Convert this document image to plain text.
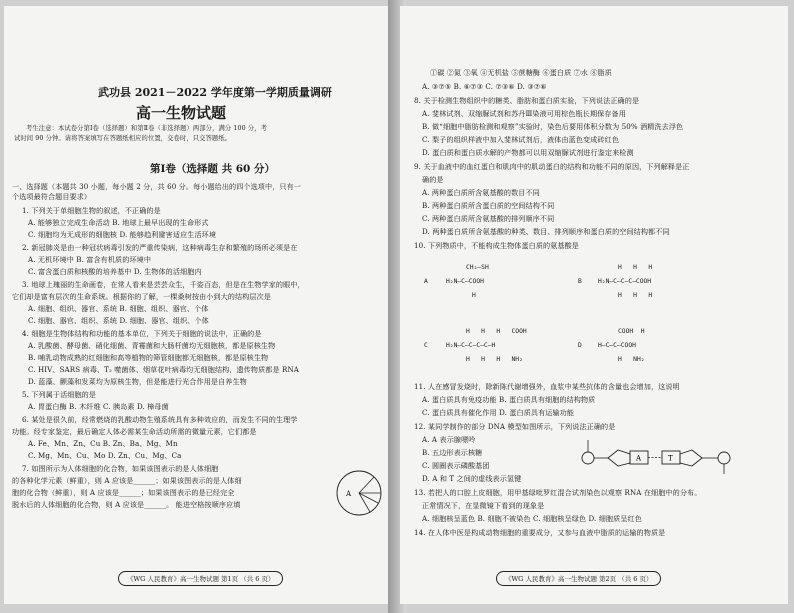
武功县 2021－2022 学年度第一学期质量调研
高一生物试题
考生注意：本试卷分第Ⅰ卷（选择题）和第Ⅱ卷（非选择题）两部分，满分 100 分，考
试时间 90 分钟。请将答案填写在答题纸相应的位置，交卷时，只交答题纸。
第Ⅰ卷（选择题 共 60 分）
一、选择题（本题共 30 小题，每小题 2 分，共 60 分。每小题给出的四个选项中，只有一
个选项最符合题目要求）
1. 下列关于单细胞生物的叙述，不正确的是
A. 能够独立完成生命活动 B. 地球上最早出现的生命形式
C. 细胞均为无成形的细胞核 D. 能够趋利避害适应生活环境
2. 新冠肺炎是由一种冠状病毒引发的严重传染病，这种病毒生存和繁殖的场所必须是在
A. 无机环境中 B. 富含有机质的环境中
C. 富含蛋白质和核酸的培养基中 D. 生物体的活细胞内
3. 地球上瑰丽的生命画卷，在常人看来是芸芸众生，千姿百态，但是在生物学家的眼中，
它们却是富有层次的生命系统。根据你的了解，一棵桑树按由小到大的结构层次是
A. 细胞、组织、器官、系统 B. 细胞、组织、器官、个体
C. 细胞、器官、组织、系统 D. 细胞、器官、组织、个体
4. 细胞是生物体结构和功能的基本单位，下列关于细胞的说法中，正确的是
A. 乳酸菌、酵母菌、硝化细菌、青霉菌和大肠杆菌均无细胞核，都是原核生物
B. 哺乳动物成熟的红细胞和高等植物的筛管细胞都无细胞核，都是原核生物
C. HIV、SARS 病毒、T₂ 噬菌体、烟草花叶病毒均无细胞结构，遗传物质都是 RNA
D. 蓝藻、颤藻和发菜均为原核生物，但是能进行光合作用是自养生物
5. 下列属于活细胞的是
A. 胃蛋白酶 B. 木纤维 C. 胰岛素 D. 樟母菌
6. 某处是很久前，经常燃烧的乳酸动物生殖系统具有多种效应的，而发生不同的生理学
功能。经专家鉴定，最后确定人体必需某生命活动所需的微量元素，它们都是
A. Fe、Mn、Zn、Cu B. Zn、Ba、Mg、Mn
C. Mg、Mn、Cu、Mo D. Zn、Cu、Mg、Ca
7. 如图所示为人体细胞的化合物，如果该图表示的是人体细胞
的各种化学元素（鲜重），则 A 应该是______；如果该图表示的是人体细
胞的化合物（鲜重），则 A 应该是______；如果该图表示的是已经完全
脱水后的人体细胞的化合物，则 A 应该是______。 能进空格按顺序应填
A
《WG 人民教育》高一生物试题 第1页 （共 6 页）
①碳 ②氮 ③氧 ④无机盐 ⑤蔗糖酶 ⑥蛋白质 ⑦水 ⑧脂质
A. ③⑦⑤ B. ⑥⑦③ C. ⑦③⑥ D. ③⑦⑥
8. 关于检测生物组织中的糖类、脂肪和蛋白质实验，下列说法正确的是
A. 斐林试剂、双缩脲试剂和苏丹Ⅲ染液可用棕色瓶长期保存备用
B. 做“细胞中脂肪检测和观察”实验时，染色后要用体积分数为 50% 酒精洗去浮色
C. 梨子的组织样液中加入斐林试剂后，液体由蓝色变成砖红色
D. 蛋白质和蛋白质水解的产物都可以用双缩脲试剂进行鉴定来检测
9. 关于血液中的血红蛋白和肌肉中的肌动蛋白的结构和功能不同的原因，下列解释是正
确的是
A. 两种蛋白质所含氨基酸的数目不同
B. 两种蛋白质所含蛋白质的空间结构不同
C. 两种蛋白质所含氨基酸的排列顺序不同
D. 两种蛋白质所含氨基酸的种类、数目、排列顺序和蛋白质的空间结构都不同
10. 下列物质中，不能构成生物体蛋白质的氨基酸是
A
CH₂—SH
H₂N—C—COOH
H
B
H   H   H
H₂N—C—C—C—COOH
H   H   H
C
H   H   H   COOH
H₂N—C—C—C—C—H
H   H   H   NH₂
D
COOH  H
H—C—C—COOH
H   NH₂
11. 人在感冒发烧时，除新陈代谢增强外，血浆中某些抗体的含量也会增加，这说明
A. 蛋白质具有免疫功能 B. 蛋白质具有细胞的结构物质
C. 蛋白质具有催化作用 D. 蛋白质具有运输功能
12. 某同学制作的部分 DNA 模型如图所示，下列说法正确的是
A. A 表示腺嘌呤
B. 五边形表示核糖
C. 圆圈表示磷酸基团
D. A 和 T 之间的虚线表示氢键
A	T
13. 若把人的口腔上皮细胞，用甲基绿吡罗红混合试剂染色以观察 RNA 在细胞中的分布。
正常情况下，在显微镜下看到的现象是
A. 细胞核呈蓝色 B. 细胞不被染色 C. 细胞核呈绿色 D. 细胞质呈红色
14. 在人体中医是构成动物细胞的重要成分，又参与血液中脂质的运输的物质是
《WG 人民教育》高一生物试题 第2页 （共 6 页）
